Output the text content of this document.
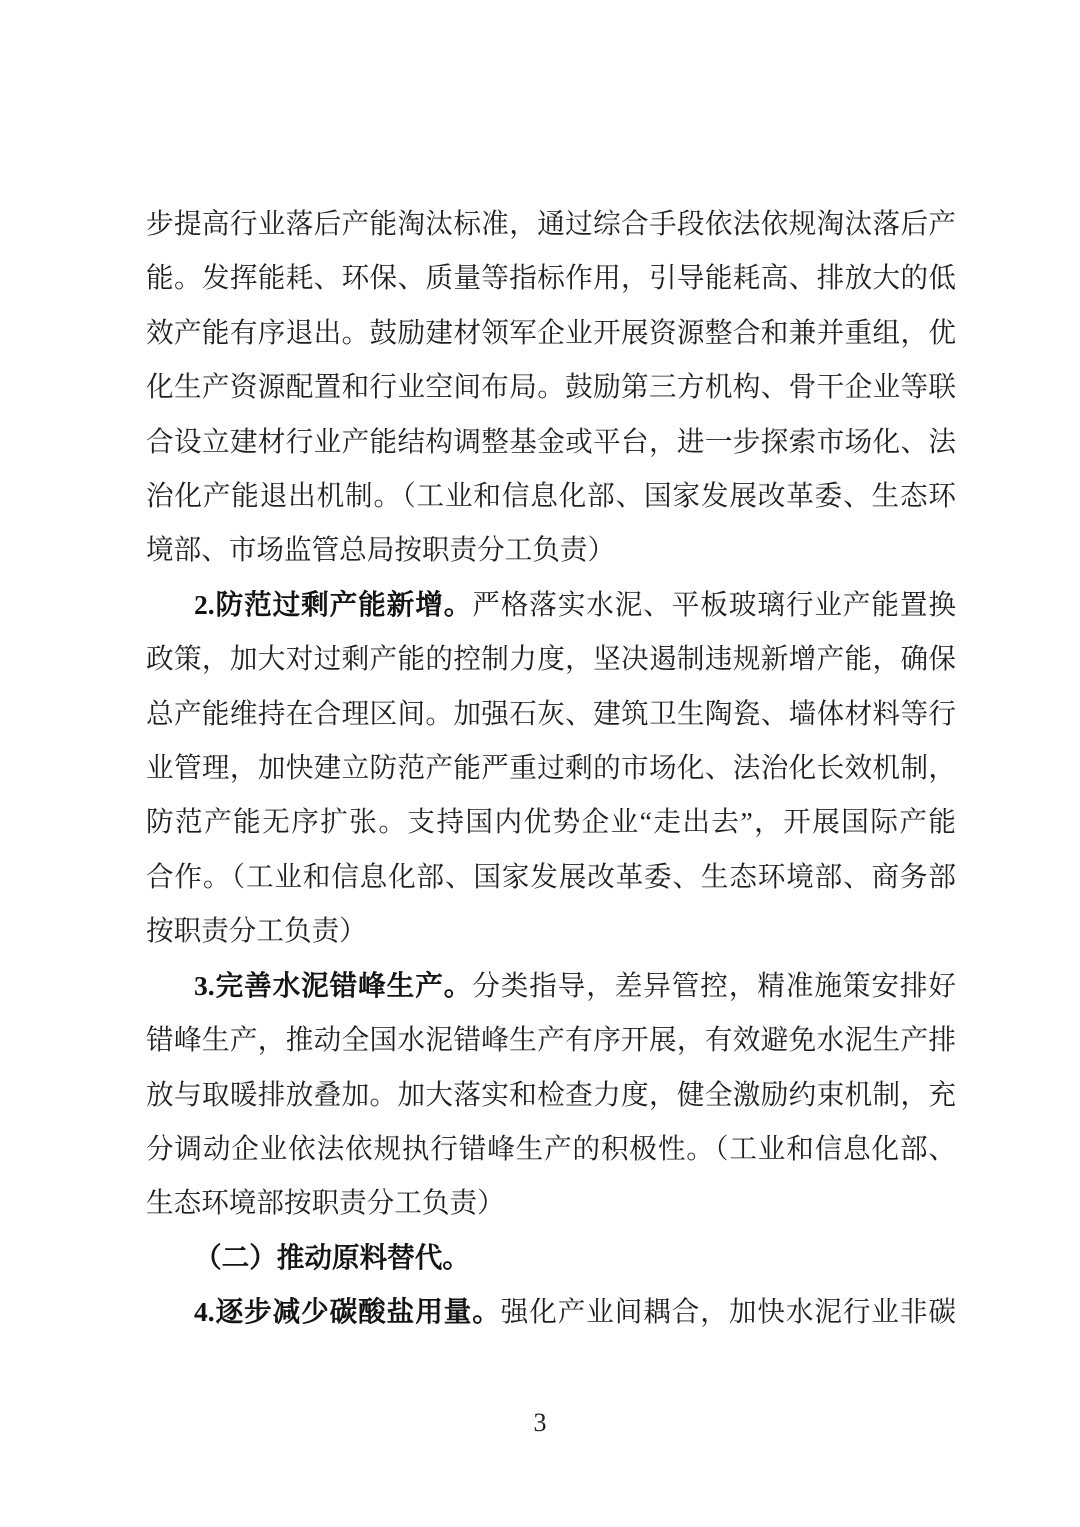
步提高行业落后产能淘汰标准，通过综合手段依法依规淘汰落后产

能。发挥能耗、环保、质量等指标作用，引导能耗高、排放大的低

效产能有序退出。鼓励建材领军企业开展资源整合和兼并重组，优

化生产资源配置和行业空间布局。鼓励第三方机构、骨干企业等联

合设立建材行业产能结构调整基金或平台，进一步探索市场化、法

治化产能退出机制。（工业和信息化部、国家发展改革委、生态环

境部、市场监管总局按职责分工负责）

2.防范过剩产能新增。严格落实水泥、平板玻璃行业产能置换

政策，加大对过剩产能的控制力度，坚决遏制违规新增产能，确保

总产能维持在合理区间。加强石灰、建筑卫生陶瓷、墙体材料等行

业管理，加快建立防范产能严重过剩的市场化、法治化长效机制，

防范产能无序扩张。支持国内优势企业“走出去”，开展国际产能

合作。（工业和信息化部、国家发展改革委、生态环境部、商务部

按职责分工负责）

3.完善水泥错峰生产。分类指导，差异管控，精准施策安排好

错峰生产，推动全国水泥错峰生产有序开展，有效避免水泥生产排

放与取暖排放叠加。加大落实和检查力度，健全激励约束机制，充

分调动企业依法依规执行错峰生产的积极性。（工业和信息化部、

生态环境部按职责分工负责）

（二）推动原料替代。

4.逐步减少碳酸盐用量。强化产业间耦合，加快水泥行业非碳

3
